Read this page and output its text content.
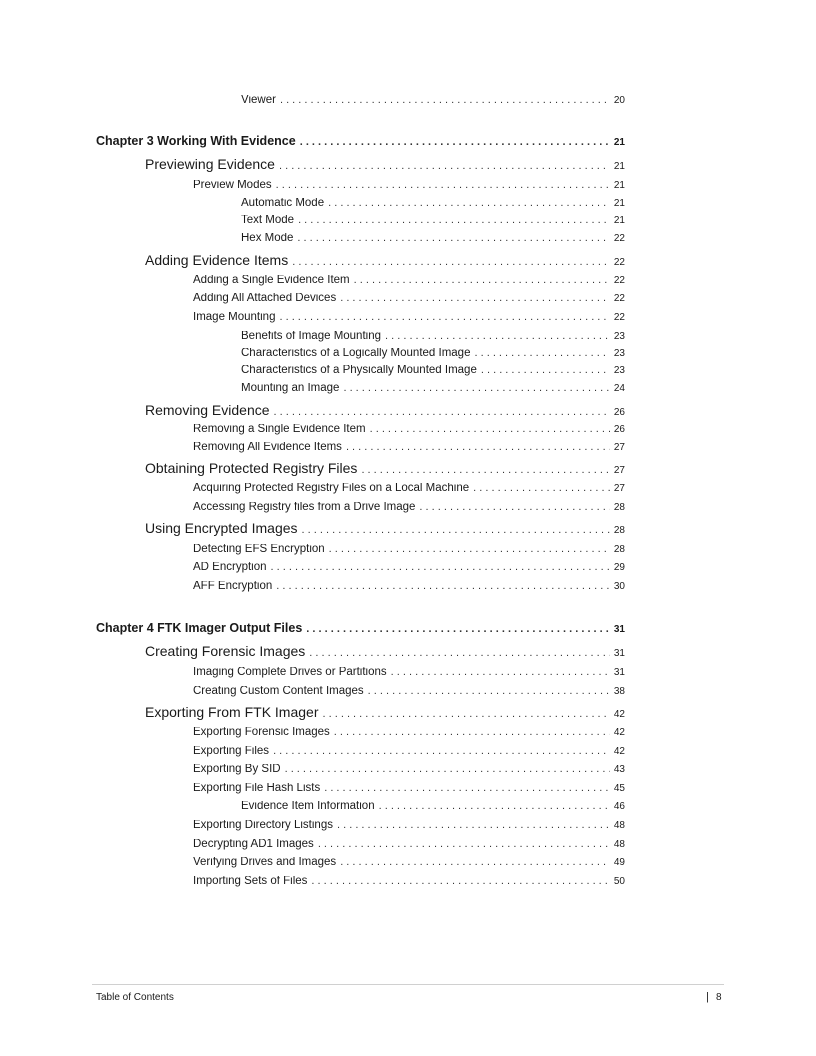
Viewer . . .	20
Chapter 3 Working With Evidence . . .	21
Previewing Evidence . . .	21
Preview Modes . . .	21
Automatic Mode . . .	21
Text Mode . . .	21
Hex Mode . . .	22
Adding Evidence Items . . .	22
Adding a Single Evidence Item . . .	22
Adding All Attached Devices . . .	22
Image Mounting . . .	22
Benefits of Image Mounting . . .	23
Characteristics of a Logically Mounted Image . . .	23
Characteristics of a Physically Mounted Image . . .	23
Mounting an Image . . .	24
Removing Evidence . . .	26
Removing a Single Evidence Item . . .	26
Removing All Evidence Items . . .	27
Obtaining Protected Registry Files . . .	27
Acquiring Protected Registry Files on a Local Machine . . .	27
Accessing Registry files from a Drive Image . . .	28
Using Encrypted Images . . .	28
Detecting EFS Encryption . . .	28
AD Encryption . . .	29
AFF Encryption . . .	30
Chapter 4 FTK Imager Output Files . . .	31
Creating Forensic Images . . .	31
Imaging Complete Drives or Partitions . . .	31
Creating Custom Content Images . . .	38
Exporting From FTK Imager . . .	42
Exporting Forensic Images . . .	42
Exporting Files . . .	42
Exporting By SID . . .	43
Exporting File Hash Lists . . .	45
Evidence Item Information . . .	46
Exporting Directory Listings . . .	48
Decrypting AD1 Images . . .	48
Verifying Drives and Images . . .	49
Importing Sets of Files . . .	50
Table of Contents	| 8
